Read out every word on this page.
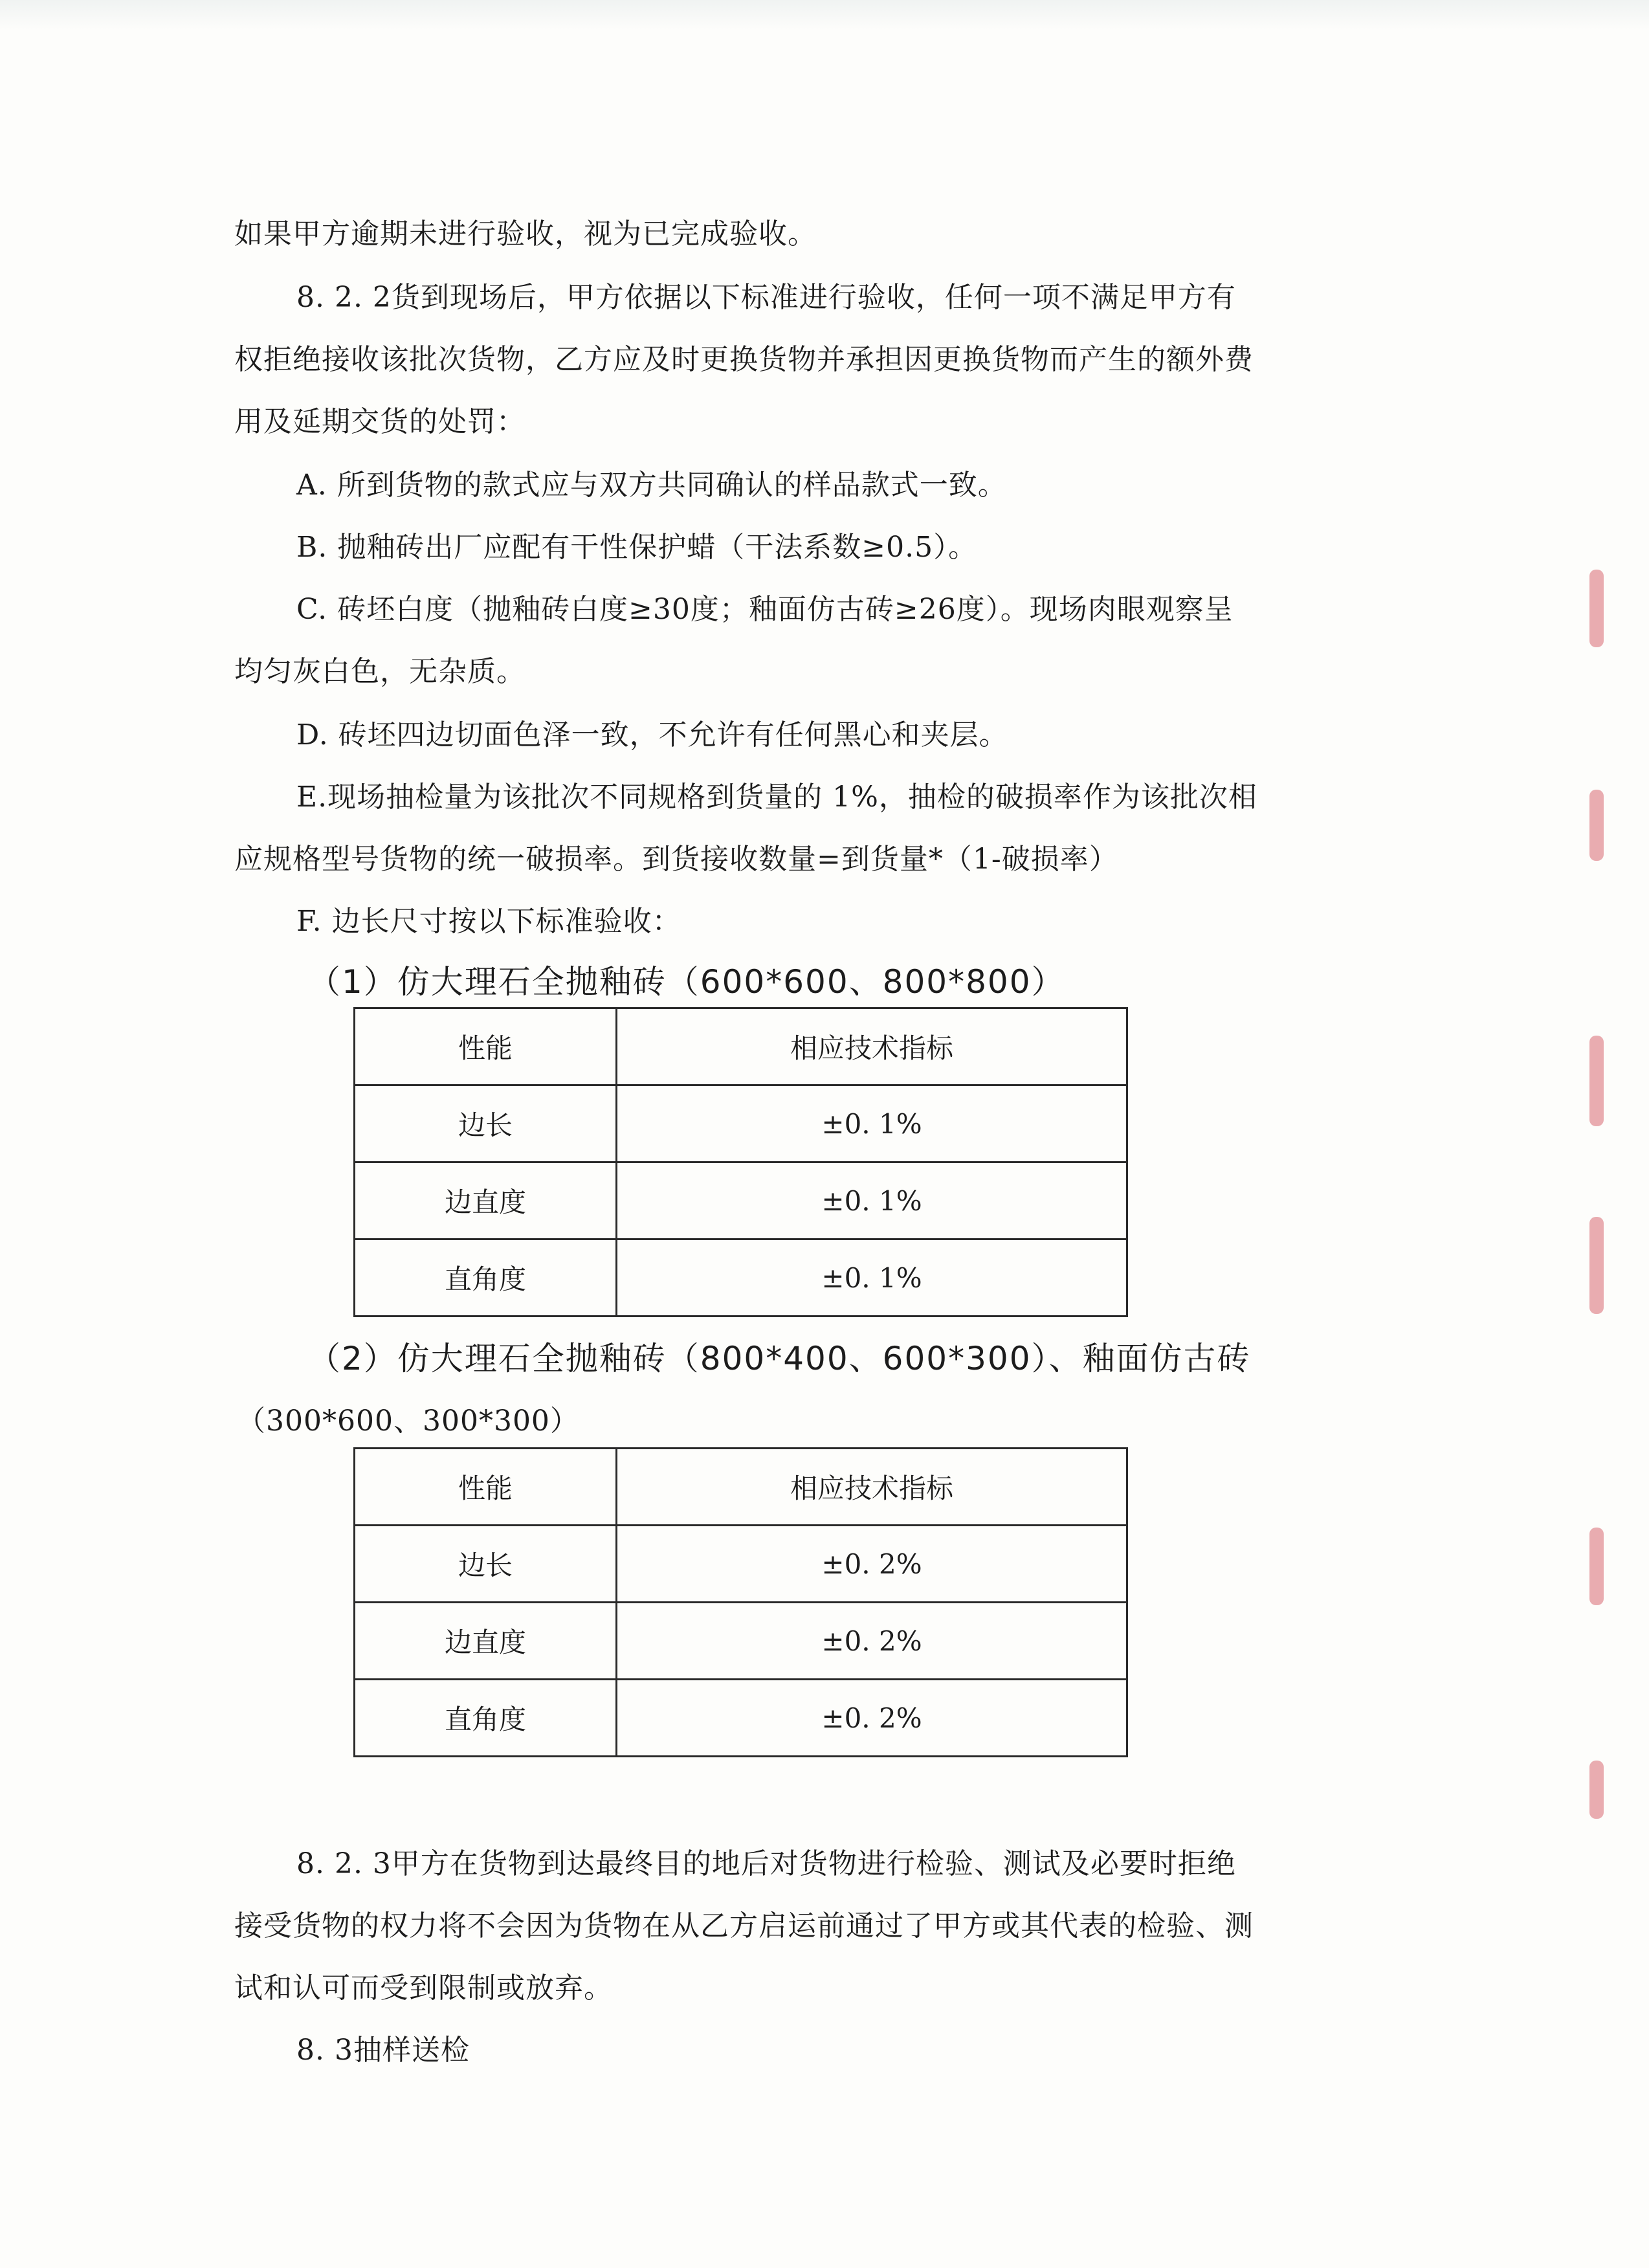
如果甲方逾期未进行验收，视为已完成验收。
8. 2. 2货到现场后，甲方依据以下标准进行验收，任何一项不满足甲方有
权拒绝接收该批次货物，乙方应及时更换货物并承担因更换货物而产生的额外费
用及延期交货的处罚：
A. 所到货物的款式应与双方共同确认的样品款式一致。
B. 抛釉砖出厂应配有干性保护蜡（干法系数≥0.5）。
C. 砖坯白度（抛釉砖白度≥30度；釉面仿古砖≥26度）。现场肉眼观察呈
均匀灰白色，无杂质。
D. 砖坯四边切面色泽一致，不允许有任何黑心和夹层。
E.现场抽检量为该批次不同规格到货量的 1%，抽检的破损率作为该批次相
应规格型号货物的统一破损率。到货接收数量=到货量*（1-破损率）
F. 边长尺寸按以下标准验收：
（1）仿大理石全抛釉砖（600*600、800*800）
性能	相应技术指标
边长	±0. 1%
边直度	±0. 1%
直角度	±0. 1%
（2）仿大理石全抛釉砖（800*400、600*300）、釉面仿古砖
（300*600、300*300）
性能	相应技术指标
边长	±0. 2%
边直度	±0. 2%
直角度	±0. 2%
8. 2. 3甲方在货物到达最终目的地后对货物进行检验、测试及必要时拒绝
接受货物的权力将不会因为货物在从乙方启运前通过了甲方或其代表的检验、测
试和认可而受到限制或放弃。
8. 3抽样送检
